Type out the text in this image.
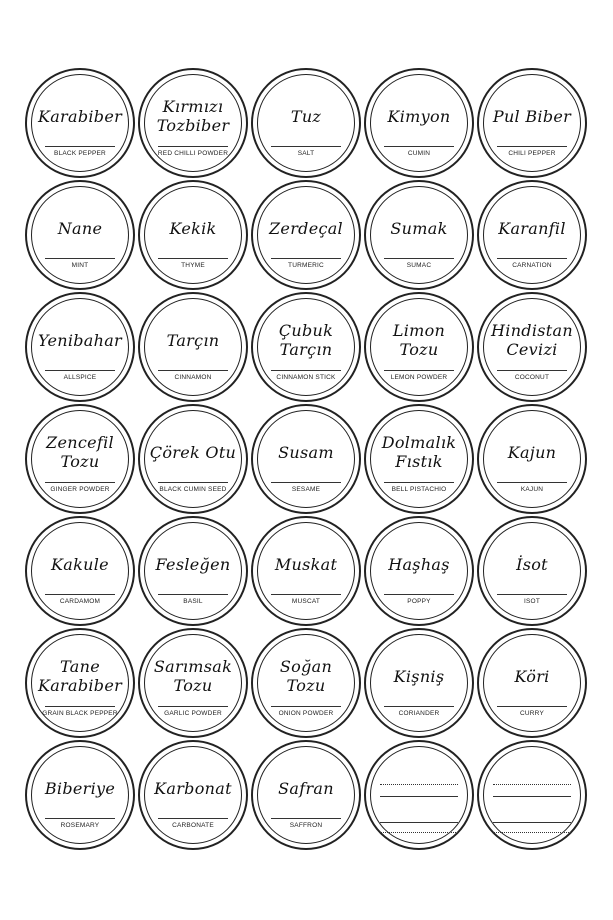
Karabiber
BLACK PEPPER
Kırmızı
Tozbiber
RED CHILLI POWDER
Tuz
SALT
Kimyon
CUMIN
Pul Biber
CHILI PEPPER
Nane
MINT
Kekik
THYME
Zerdeçal
TURMERIC
Sumak
SUMAC
Karanfil
CARNATION
Yenibahar
ALLSPICE
Tarçın
CINNAMON
Çubuk Tarçın
CINNAMON STICK
Limon Tozu
LEMON POWDER
Hindistan
Cevizi
COCONUT
Zencefil Tozu
GINGER POWDER
Çörek Otu
BLACK CUMIN SEED
Susam
SESAME
Dolmalık
Fıstık
BELL PISTACHIO
Kajun
KAJUN
Kakule
CARDAMOM
Fesleğen
BASIL
Muskat
MUSCAT
Haşhaş
POPPY
İsot
ISOT
Tane
Karabiber
GRAIN BLACK PEPPER
Sarımsak
Tozu
GARLIC POWDER
Soğan Tozu
ONION POWDER
Kişniş
CORIANDER
Köri
CURRY
Biberiye
ROSEMARY
Karbonat
CARBONATE
Safran
SAFFRON
